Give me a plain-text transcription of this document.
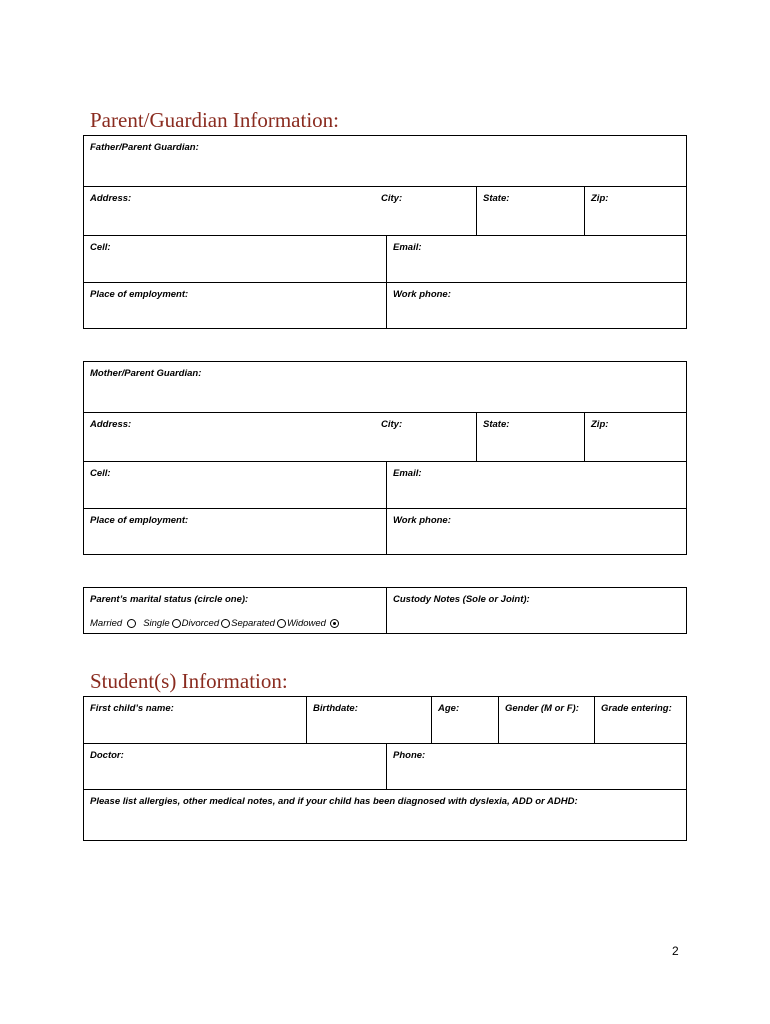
Parent/Guardian Information:
Father/Parent Guardian:
Address:	City:	State:	Zip:
Cell:	Email:
Place of employment:	Work phone:
Mother/Parent Guardian:
Address:	City:	State:	Zip:
Cell:	Email:
Place of employment:	Work phone:
Parent’s marital status (circle one):
Married Single Divorced Separated Widowed
Custody Notes (Sole or Joint):
Student(s) Information:
First child’s name:	Birthdate:	Age:	Gender (M or F): Grade entering:
Doctor:	Phone:
Please list allergies, other medical notes, and if your child has been diagnosed with dyslexia, ADD or ADHD:
2
